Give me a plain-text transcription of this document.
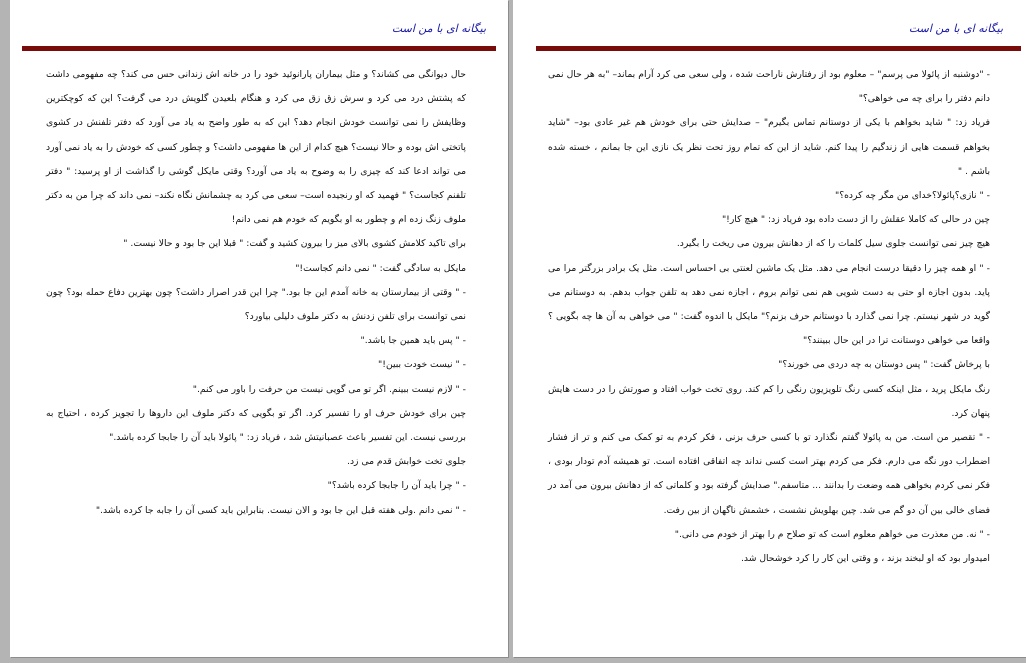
بیگانه ای با من است

حال دیوانگی می کشاند؟ و مثل بیماران پارانوئید خود را در خانه اش زندانی حس می کند؟ چه مفهومی داشت که پشتش درد می کرد و سرش زق زق می کرد و هنگام بلعیدن گلویش درد می گرفت؟ این که کوچکترین وظایفش را نمی توانست خودش انجام دهد؟ این که به طور واضح به یاد می آورد که دفتر تلفنش در کشوی پاتختی اش بوده و حالا نیست؟ هیچ کدام از این ها مفهومی داشت؟ و چطور کسی که خودش را به یاد نمی آورد می تواند ادعا کند که چیزی را به وضوح به یاد می آورد؟ وقتی مایکل گوشی را گذاشت از او پرسید: " دفتر تلفنم کجاست؟ " فهمید که او رنجیده است– سعی می کرد به چشمانش نگاه نکند– نمی داند که چرا من به دکتر ملوف زنگ زده ام و چطور به او بگویم که خودم هم نمی دانم!

برای تاکید کلامش کشوی بالای میز را بیرون کشید و گفت: " قبلا این جا بود و حالا نیست. "

مایکل به سادگی گفت: " نمی دانم کجاست!"

- " وقتی از بیمارستان به خانه آمدم این جا بود." چرا این قدر اصرار داشت؟ چون بهترین دفاع حمله بود؟ چون نمی توانست برای تلفن زدنش به دکتر ملوف دلیلی بیاورد؟

- " پس باید همین جا باشد."

- " نیست خودت ببین!"

- " لازم نیست ببینم. اگر تو می گویی نیست من حرفت را باور می کنم."

چین برای خودش حرف او را تفسیر کرد. اگر تو بگویی که دکتر ملوف این داروها را تجویز کرده ، احتیاج به بررسی نیست. این تفسیر باعث عصبانیتش شد ، فریاد زد: " پائولا باید آن را جابجا کرده باشد."

جلوی تخت خوابش قدم می زد.

- " چرا باید آن را جابجا کرده باشد؟"

- " نمی دانم .ولی هفته قبل این جا بود و الان نیست. بنابراین باید کسی آن را جابه جا کرده باشد."

بیگانه ای با من است

- "دوشنبه از پائولا می پرسم" – معلوم بود از رفتارش ناراحت شده ، ولی سعی می کرد آرام بماند– "به هر حال نمی دانم دفتر را برای چه می خواهی؟"

فریاد زد: " شاید بخواهم با یکی از دوستانم تماس بگیرم" – صدایش حتی برای خودش هم غیر عادی بود– "شاید بخواهم قسمت هایی از زندگیم را پیدا کنم. شاید از این که تمام روز تحت نظر یک نازی این جا بمانم ، خسته شده باشم . "

- " نازی؟پائولا؟خدای من مگر چه کرده؟"

چین در حالی که کاملا عقلش را از دست داده بود فریاد زد: " هیچ کار!"

هیچ چیز نمی توانست جلوی سیل کلمات را که از دهانش بیرون می ریخت را بگیرد.

- " او همه چیز را دقیقا درست انجام می دهد. مثل یک ماشین لعنتی بی احساس است. مثل یک برادر بزرگتر مرا می پاید. بدون اجازه او حتی به دست شویی هم نمی توانم بروم ، اجازه نمی دهد به تلفن جواب بدهم. به دوستانم می گوید در شهر نیستم. چرا نمی گذارد با دوستانم حرف بزنم؟" مایکل با اندوه گفت: " می خواهی به آن ها چه بگویی ؟ واقعا می خواهی دوستانت ترا در این حال ببینند؟"

با پرخاش گفت: " پس دوستان به چه دردی می خورند؟"

رنگ مایکل پرید ، مثل اینکه کسی رنگ تلویزیون رنگی را کم کند. روی تخت خواب افتاد و صورتش را در دست هایش پنهان کرد.

- " تقصیر من است. من به پائولا گفتم نگذارد تو با کسی حرف بزنی ، فکر کردم به تو کمک می کنم و تر از فشار اضطراب دور نگه می دارم. فکر می کردم بهتر است کسی نداند چه اتفاقی افتاده است. تو همیشه آدم تودار بودی ، فکر نمی کردم بخواهی همه وضعت را بدانند ... متاسفم." صدایش گرفته بود و کلماتی که از دهانش بیرون می آمد در فضای خالی بین آن دو گم می شد. چین بهلویش نشست ، خشمش ناگهان از بین رفت.

- " نه. من معذرت می خواهم معلوم است که تو صلاح م را بهتر از خودم می دانی."

امیدوار بود که او لبخند بزند ، و وقتی این کار را کرد خوشحال شد.
